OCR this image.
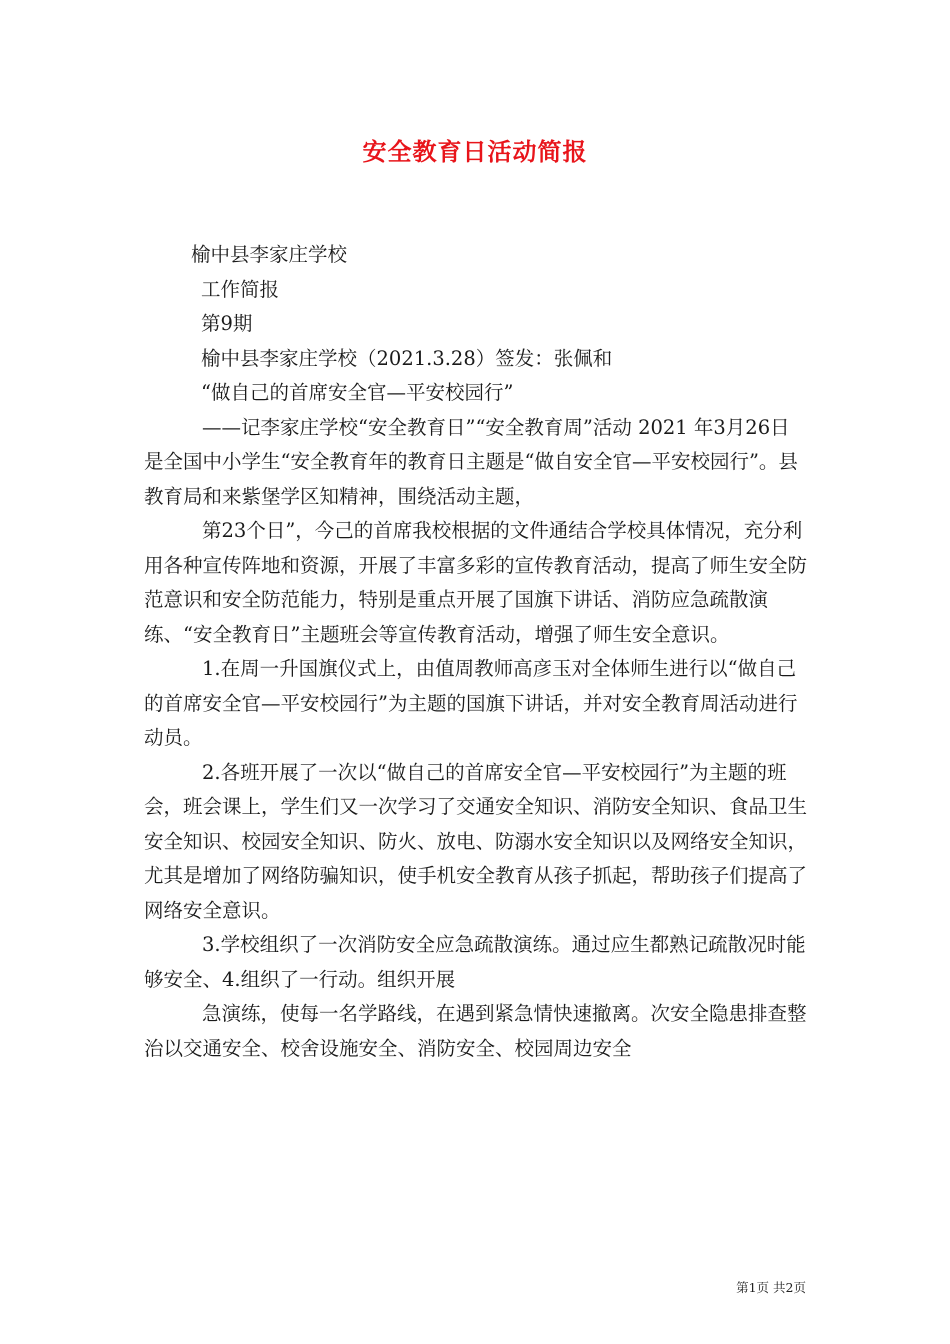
安全教育日活动简报

榆中县李家庄学校

工作简报

第9期

榆中县李家庄学校（2021.3.28）签发：张佩和

“做自己的首席安全官—平安校园行”

——记李家庄学校“安全教育日”“安全教育周”活动 2021 年3月26日是全国中小学生“安全教育年的教育日主题是“做自安全官—平安校园行”。县教育局和来紫堡学区知精神，围绕活动主题，

第23个日”，今己的首席我校根据的文件通结合学校具体情况，充分利用各种宣传阵地和资源，开展了丰富多彩的宣传教育活动，提高了师生安全防范意识和安全防范能力，特别是重点开展了国旗下讲话、消防应急疏散演练、“安全教育日”主题班会等宣传教育活动，增强了师生安全意识。

1.在周一升国旗仪式上，由值周教师高彦玉对全体师生进行以“做自己的首席安全官—平安校园行”为主题的国旗下讲话，并对安全教育周活动进行动员。

2.各班开展了一次以“做自己的首席安全官—平安校园行”为主题的班会，班会课上，学生们又一次学习了交通安全知识、消防安全知识、食品卫生安全知识、校园安全知识、防火、放电、防溺水安全知识以及网络安全知识，尤其是增加了网络防骗知识，使手机安全教育从孩子抓起，帮助孩子们提高了网络安全意识。

3.学校组织了一次消防安全应急疏散演练。通过应生都熟记疏散况时能够安全、4.组织了一行动。组织开展

急演练，使每一名学路线，在遇到紧急情快速撤离。次安全隐患排查整治以交通安全、校舍设施安全、消防安全、校园周边安全

第1页 共2页
